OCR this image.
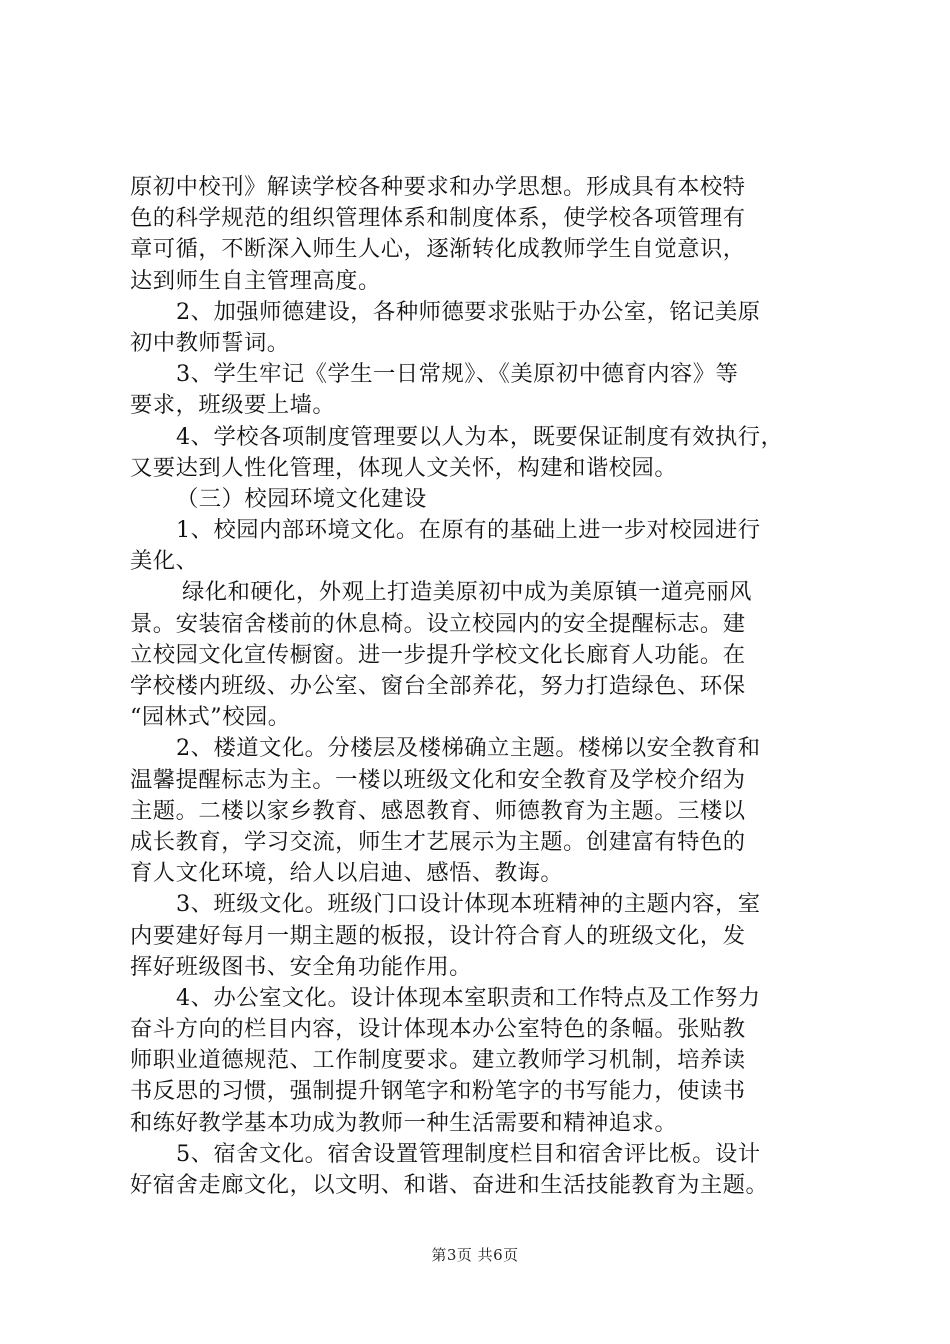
原初中校刊》解读学校各种要求和办学思想。形成具有本校特
色的科学规范的组织管理体系和制度体系，使学校各项管理有
章可循，不断深入师生人心，逐渐转化成教师学生自觉意识，
达到师生自主管理高度。
2、加强师德建设，各种师德要求张贴于办公室，铭记美原
初中教师誓词。
3、学生牢记《学生一日常规》、《美原初中德育内容》等
要求，班级要上墙。
4、学校各项制度管理要以人为本，既要保证制度有效执行，
又要达到人性化管理，体现人文关怀，构建和谐校园。
（三）校园环境文化建设
1、校园内部环境文化。在原有的基础上进一步对校园进行
美化、
绿化和硬化，外观上打造美原初中成为美原镇一道亮丽风
景。安装宿舍楼前的休息椅。设立校园内的安全提醒标志。建
立校园文化宣传橱窗。进一步提升学校文化长廊育人功能。在
学校楼内班级、办公室、窗台全部养花，努力打造绿色、环保
“园林式”校园。
2、楼道文化。分楼层及楼梯确立主题。楼梯以安全教育和
温馨提醒标志为主。一楼以班级文化和安全教育及学校介绍为
主题。二楼以家乡教育、感恩教育、师德教育为主题。三楼以
成长教育，学习交流，师生才艺展示为主题。创建富有特色的
育人文化环境，给人以启迪、感悟、教诲。
3、班级文化。班级门口设计体现本班精神的主题内容，室
内要建好每月一期主题的板报，设计符合育人的班级文化，发
挥好班级图书、安全角功能作用。
4、办公室文化。设计体现本室职责和工作特点及工作努力
奋斗方向的栏目内容，设计体现本办公室特色的条幅。张贴教
师职业道德规范、工作制度要求。建立教师学习机制，培养读
书反思的习惯，强制提升钢笔字和粉笔字的书写能力，使读书
和练好教学基本功成为教师一种生活需要和精神追求。
5、宿舍文化。宿舍设置管理制度栏目和宿舍评比板。设计
好宿舍走廊文化，以文明、和谐、奋进和生活技能教育为主题。
第3页 共6页
